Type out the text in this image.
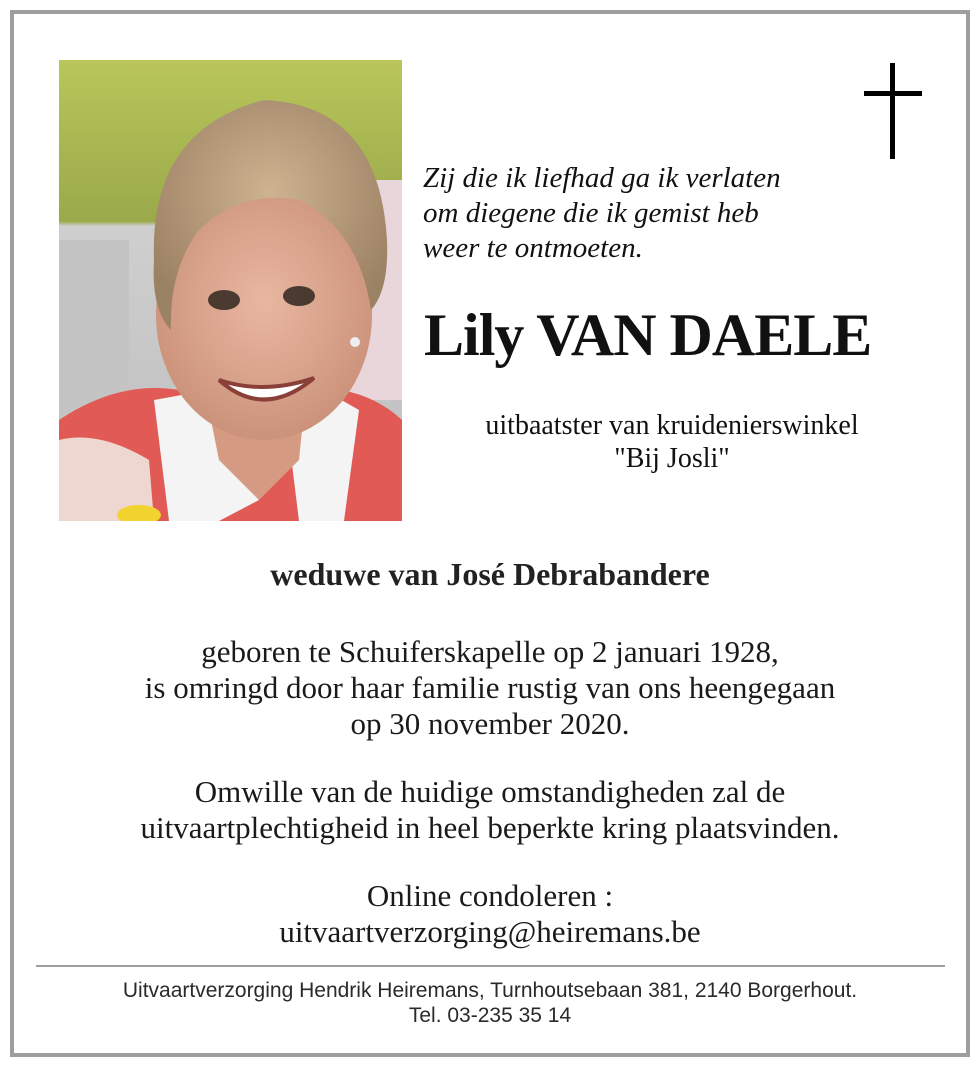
Zij die ik liefhad ga ik verlaten
om diegene die ik gemist heb
weer te ontmoeten.
Lily VAN DAELE
uitbaatster van kruidenierswinkel
"Bij Josli"
weduwe van José Debrabandere
geboren te Schuiferskapelle op 2 januari 1928,
is omringd door haar familie rustig van ons heengegaan
op 30 november 2020.
Omwille van de huidige omstandigheden zal de
uitvaartplechtigheid in heel beperkte kring plaatsvinden.
Online condoleren :
uitvaartverzorging@heiremans.be
Uitvaartverzorging Hendrik Heiremans, Turnhoutsebaan 381, 2140 Borgerhout.
Tel. 03-235 35 14
